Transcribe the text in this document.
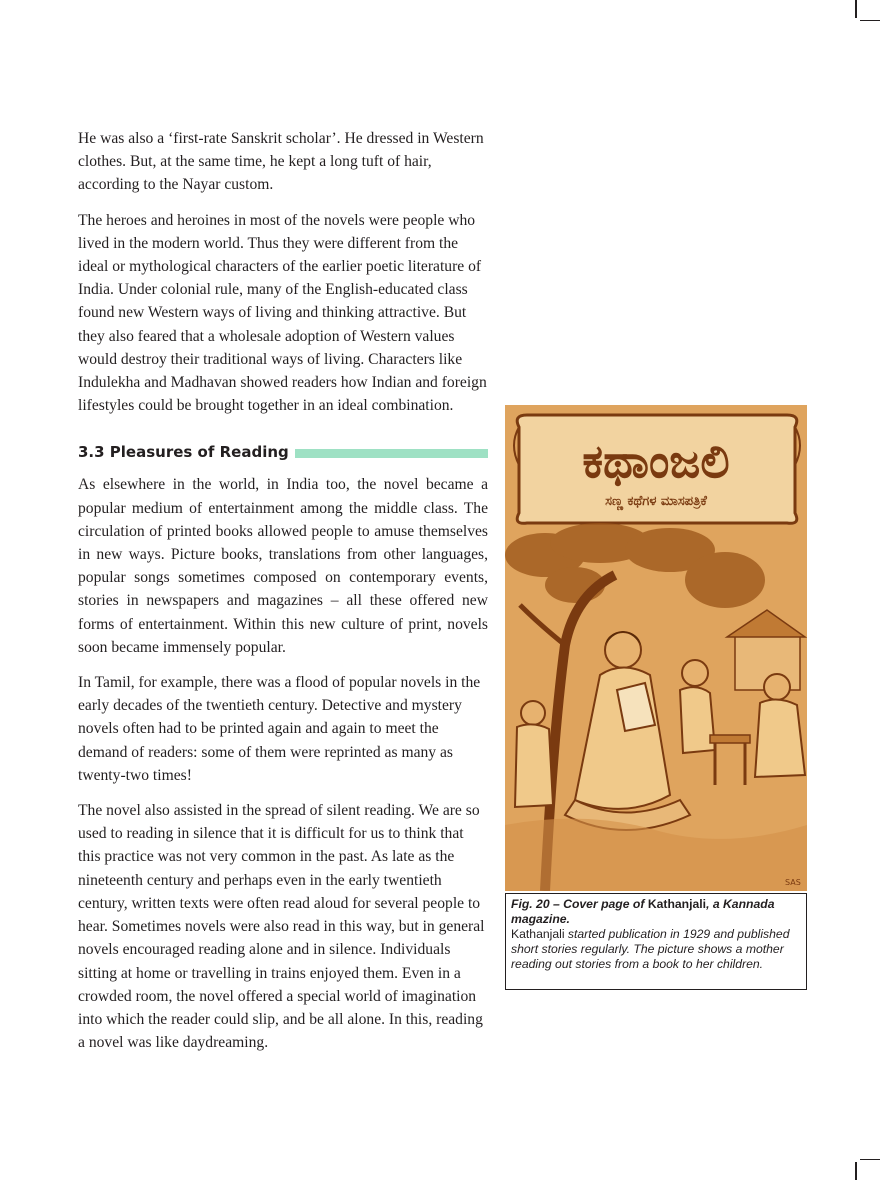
He was also a ‘first-rate Sanskrit scholar’. He dressed in Western clothes. But, at the same time, he kept a long tuft of hair, according to the Nayar custom.

The heroes and heroines in most of the novels were people who lived in the modern world. Thus they were different from the ideal or mythological characters of the earlier poetic literature of India. Under colonial rule, many of the English-educated class found new Western ways of living and thinking attractive. But they also feared that a wholesale adoption of Western values would destroy their traditional ways of living. Characters like Indulekha and Madhavan showed readers how Indian and foreign lifestyles could be brought together in an ideal combination.

3.3 Pleasures of Reading

As elsewhere in the world, in India too, the novel became a popular medium of entertainment among the middle class. The circulation of printed books allowed people to amuse themselves in new ways. Picture books, translations from other languages, popular songs sometimes composed on contemporary events, stories in newspapers and magazines – all these offered new forms of entertainment. Within this new culture of print, novels soon became immensely popular.

In Tamil, for example, there was a flood of popular novels in the early decades of the twentieth century. Detective and mystery novels often had to be printed again and again to meet the demand of readers: some of them were reprinted as many as twenty-two times!

The novel also assisted in the spread of silent reading. We are so used to reading in silence that it is difficult for us to think that this practice was not very common in the past. As late as the nineteenth century and perhaps even in the early twentieth century, written texts were often read aloud for several people to hear. Sometimes novels were also read in this way, but in general novels encouraged reading alone and in silence. Individuals sitting at home or travelling in trains enjoyed them. Even in a crowded room, the novel offered a special world of imagination into which the reader could slip, and be all alone. In this, reading a novel was like daydreaming.

ಕಥಾಂಜಲಿ
ಸಣ್ಣ ಕಥೆಗಳ ಮಾಸಪತ್ರಿಕೆ
SAS
Fig. 20 – Cover page of Kathanjali, a Kannada magazine.
Kathanjali started publication in 1929 and published short stories regularly. The picture shows a mother reading out stories from a book to her children.
